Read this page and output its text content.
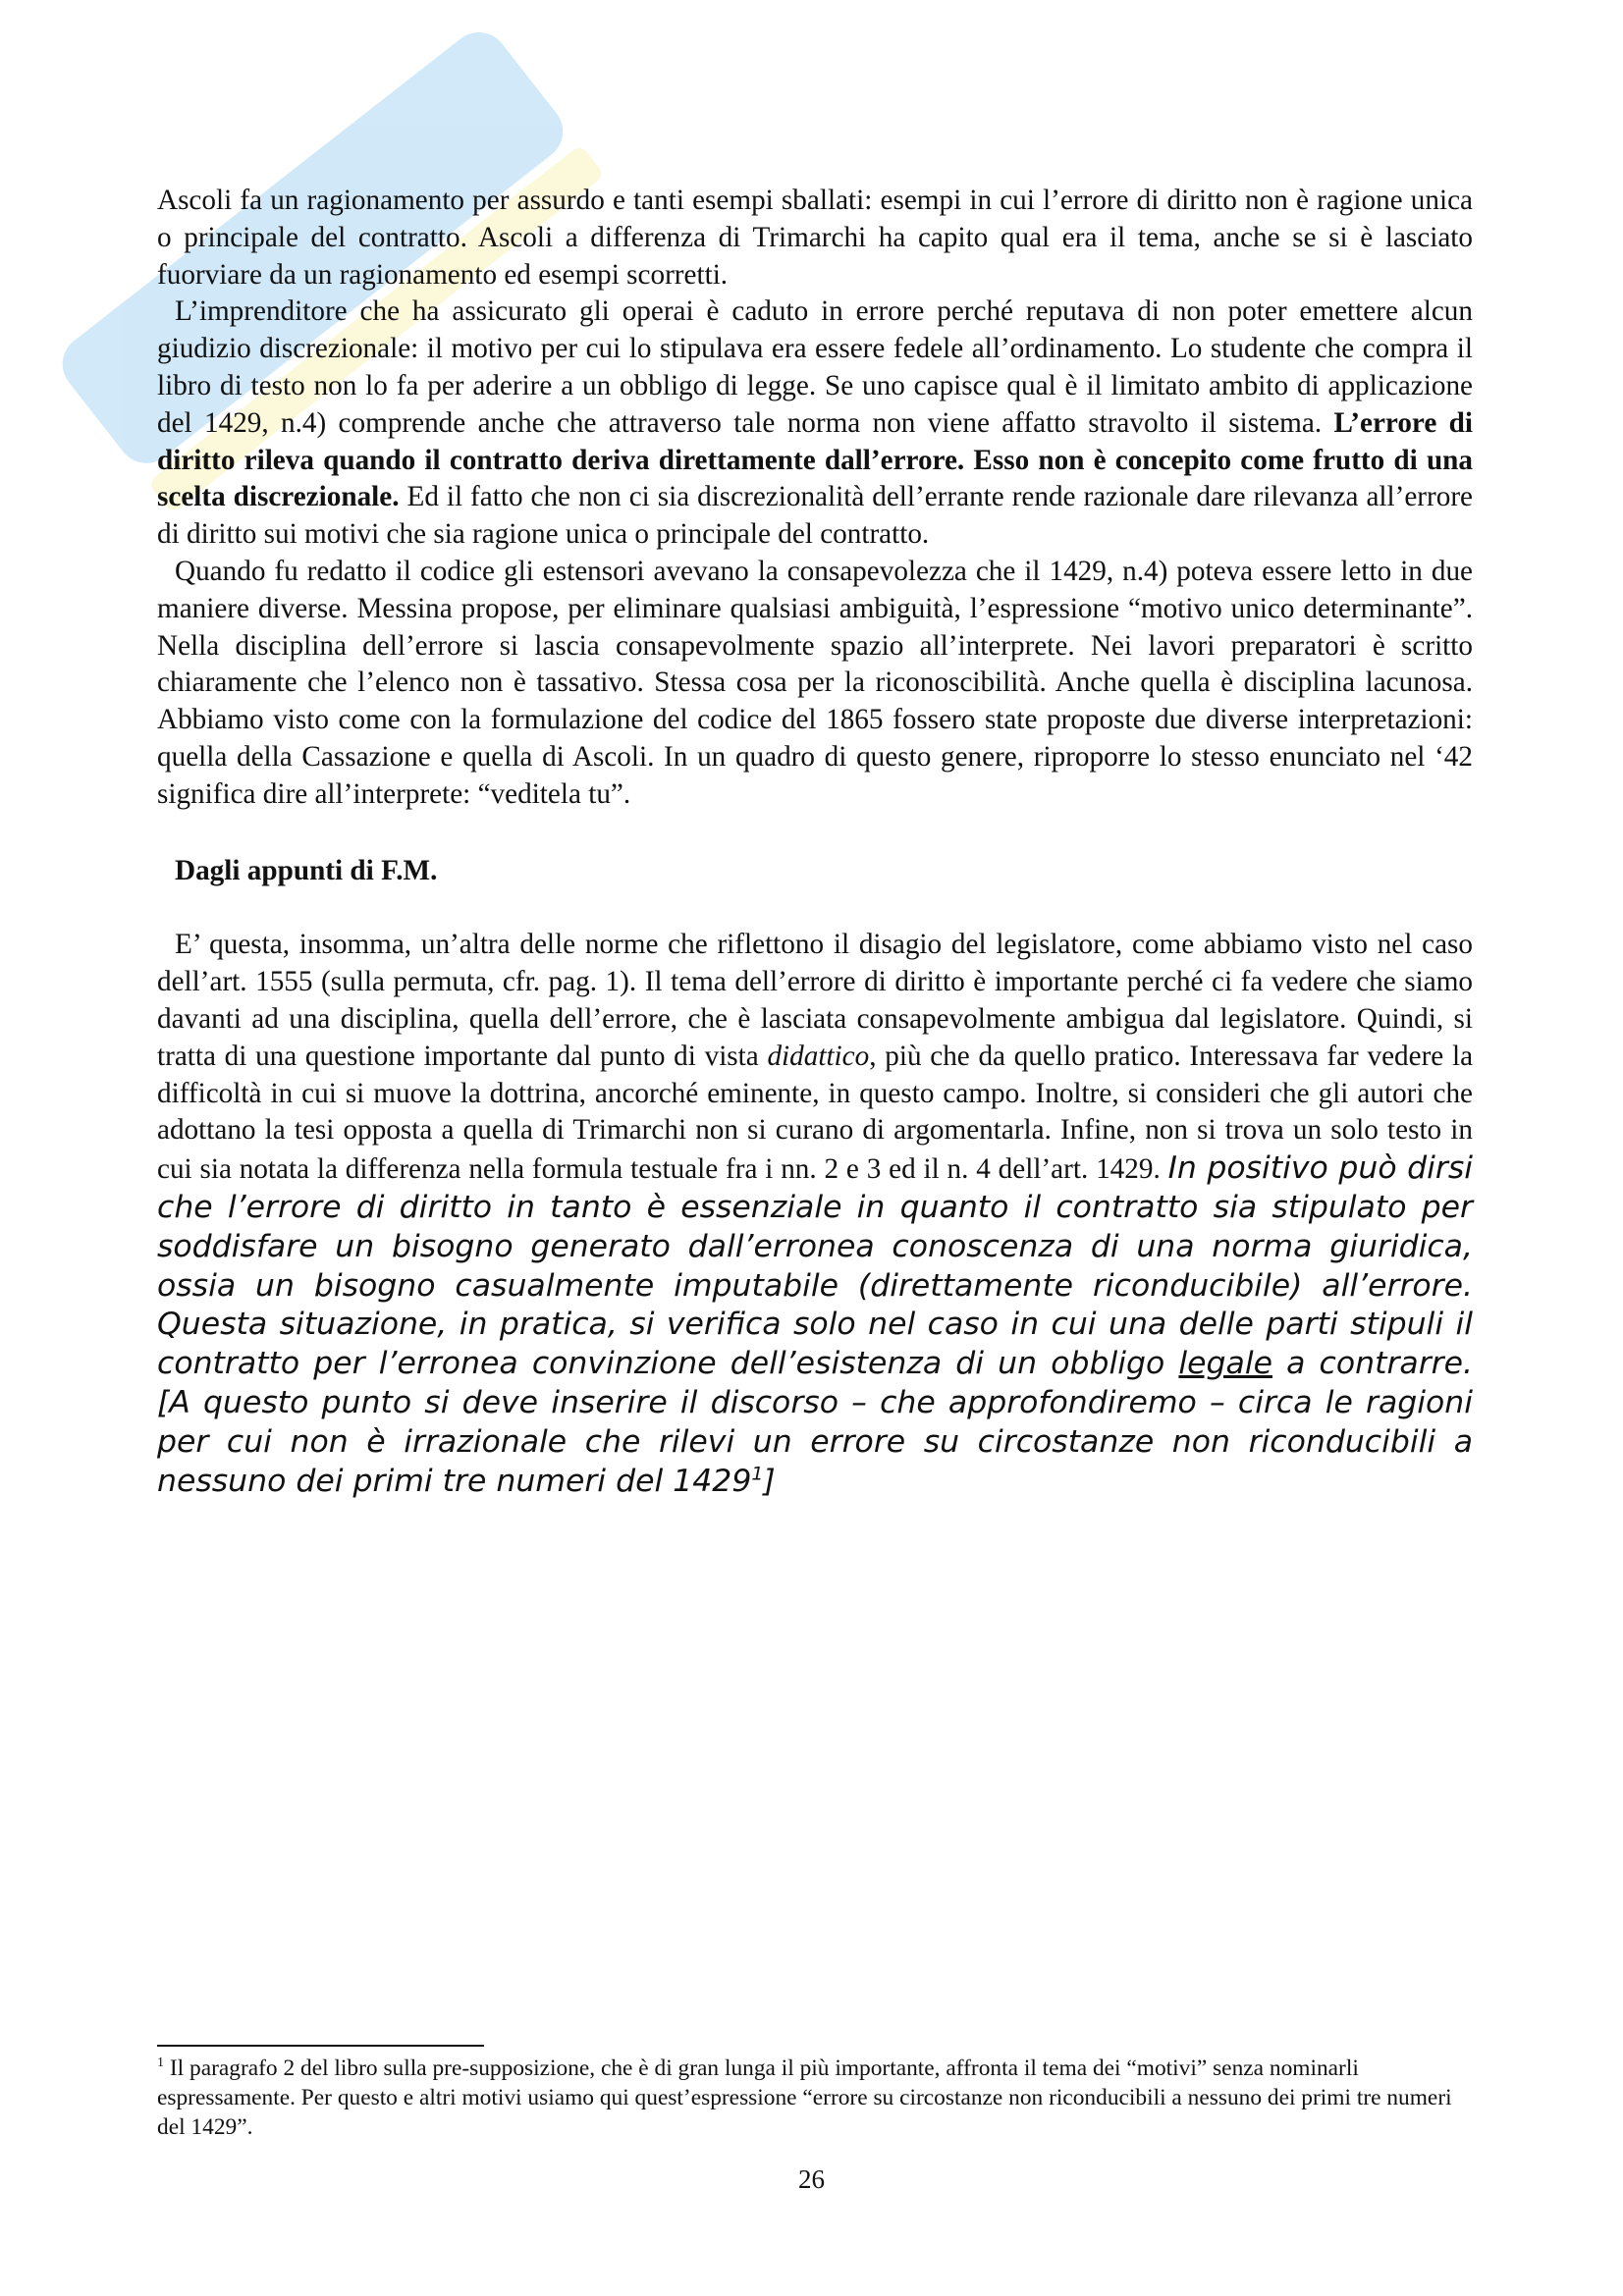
Ascoli fa un ragionamento per assurdo e tanti esempi sballati: esempi in cui l’errore di diritto non è ragione unica o principale del contratto. Ascoli a differenza di Trimarchi ha capito qual era il tema, anche se si è lasciato fuorviare da un ragionamento ed esempi scorretti.

L’imprenditore che ha assicurato gli operai è caduto in errore perché reputava di non poter emettere alcun giudizio discrezionale: il motivo per cui lo stipulava era essere fedele all’ordinamento. Lo studente che compra il libro di testo non lo fa per aderire a un obbligo di legge. Se uno capisce qual è il limitato ambito di applicazione del 1429, n.4) comprende anche che attraverso tale norma non viene affatto stravolto il sistema. L’errore di diritto rileva quando il contratto deriva direttamente dall’errore. Esso non è concepito come frutto di una scelta discrezionale. Ed il fatto che non ci sia discrezionalità dell’errante rende razionale dare rilevanza all’errore di diritto sui motivi che sia ragione unica o principale del contratto.

Quando fu redatto il codice gli estensori avevano la consapevolezza che il 1429, n.4) poteva essere letto in due maniere diverse. Messina propose, per eliminare qualsiasi ambiguità, l’espressione “motivo unico determinante”. Nella disciplina dell’errore si lascia consapevolmente spazio all’interprete. Nei lavori preparatori è scritto chiaramente che l’elenco non è tassativo. Stessa cosa per la riconoscibilità. Anche quella è disciplina lacunosa. Abbiamo visto come con la formulazione del codice del 1865 fossero state proposte due diverse interpretazioni: quella della Cassazione e quella di Ascoli. In un quadro di questo genere, riproporre lo stesso enunciato nel ‘42 significa dire all’interprete: “veditela tu”.

Dagli appunti di F.M.

E’ questa, insomma, un’altra delle norme che riflettono il disagio del legislatore, come abbiamo visto nel caso dell’art. 1555 (sulla permuta, cfr. pag. 1). Il tema dell’errore di diritto è importante perché ci fa vedere che siamo davanti ad una disciplina, quella dell’errore, che è lasciata consapevolmente ambigua dal legislatore. Quindi, si tratta di una questione importante dal punto di vista didattico, più che da quello pratico. Interessava far vedere la difficoltà in cui si muove la dottrina, ancorché eminente, in questo campo. Inoltre, si consideri che gli autori che adottano la tesi opposta a quella di Trimarchi non si curano di argomentarla. Infine, non si trova un solo testo in cui sia notata la differenza nella formula testuale fra i nn. 2 e 3 ed il n. 4 dell’art. 1429. In positivo può dirsi che l’errore di diritto in tanto è essenziale in quanto il contratto sia stipulato per soddisfare un bisogno generato dall’erronea conoscenza di una norma giuridica, ossia un bisogno casualmente imputabile (direttamente riconducibile) all’errore. Questa situazione, in pratica, si verifica solo nel caso in cui una delle parti stipuli il contratto per l’erronea convinzione dell’esistenza di un obbligo legale a contrarre. [A questo punto si deve inserire il discorso – che approfondiremo – circa le ragioni per cui non è irrazionale che rilevi un errore su circostanze non riconducibili a nessuno dei primi tre numeri del 1429$^1$]

$^1$ Il paragrafo 2 del libro sulla pre-supposizione, che è di gran lunga il più importante, affronta il tema dei “motivi” senza nominarli espressamente. Per questo e altri motivi usiamo qui quest’espressione “errore su circostanze non riconducibili a nessuno dei primi tre numeri del 1429”.

26
